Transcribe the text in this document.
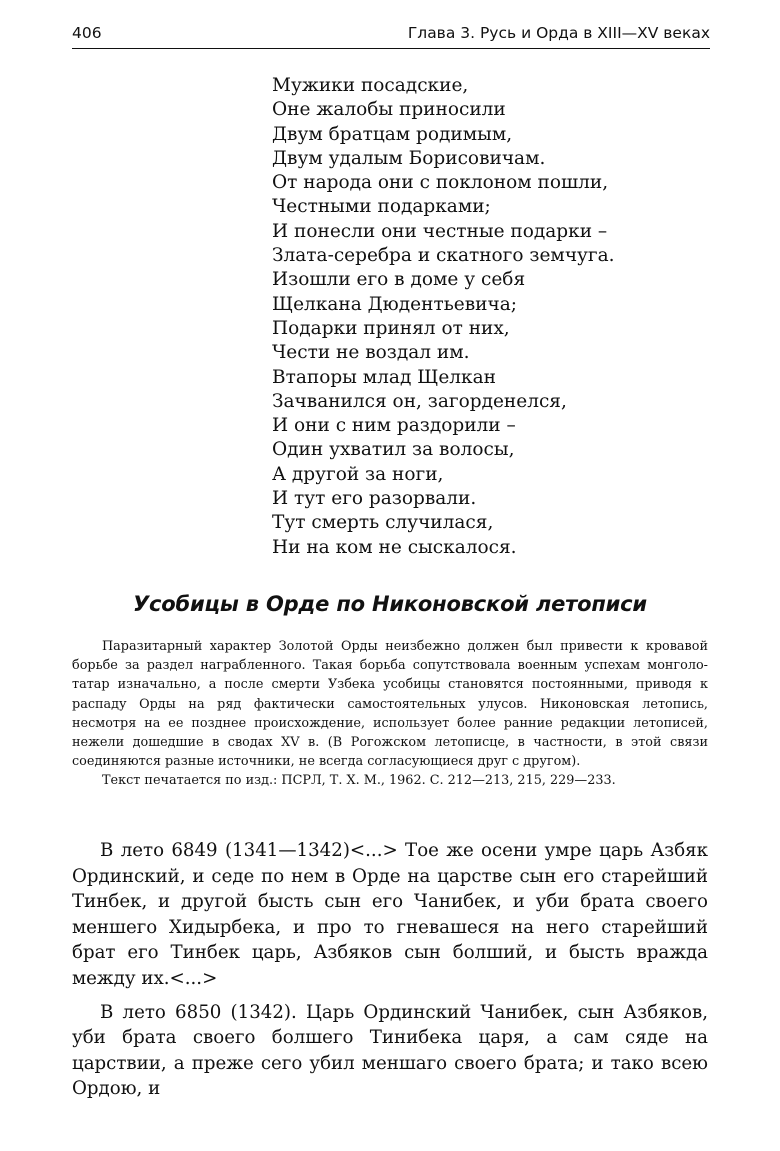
406	Глава 3. Русь и Орда в XIII—XV веках
Мужики посадские,
Оне жалобы приносили
Двум братцам родимым,
Двум удалым Борисовичам.
От народа они с поклоном пошли,
Честными подарками;
И понесли они честные подарки –
Злата-серебра и скатного земчуга.
Изошли его в доме у себя
Щелкана Дюдентьевича;
Подарки принял от них,
Чести не воздал им.
Втапоры млад Щелкан
Зачванился он, загорденелся,
И они с ним раздорили –
Один ухватил за волосы,
А другой за ноги,
И тут его разорвали.
Тут смерть случилася,
Ни на ком не сыскалося.
Усобицы в Орде по Никоновской летописи

Паразитарный характер Золотой Орды неизбежно должен был привести к кровавой борьбе за раздел награбленного. Такая борьба сопутствовала военным успехам монголо-татар изначально, а после смерти Узбека усобицы становятся постоянными, приводя к распаду Орды на ряд фактически самостоятельных улусов. Никоновская летопись, несмотря на ее позднее происхождение, использует более ранние редакции летописей, нежели дошедшие в сводах XV в. (В Рогожском летописце, в частности, в этой связи соединяются разные источники, не всегда согласующиеся друг с другом).

Текст печатается по изд.: ПСРЛ, Т. X. М., 1962. С. 212—213, 215, 229—233.

В лето 6849 (1341—1342)<...> Тое же осени умре царь Азбяк Ординский, и седе по нем в Орде на царстве сын его старейший Тинбек, и другой бысть сын его Чанибек, и уби брата своего меншего Хидырбека, и про то гневашеся на него старейший брат его Тинбек царь, Азбяков сын болший, и бысть вражда между их.<...>

В лето 6850 (1342). Царь Ординский Чанибек, сын Азбяков, уби брата своего болшего Тинибека царя, а сам сяде на царствии, а преже сего убил меншаго своего брата; и тако всею Ордою, и
